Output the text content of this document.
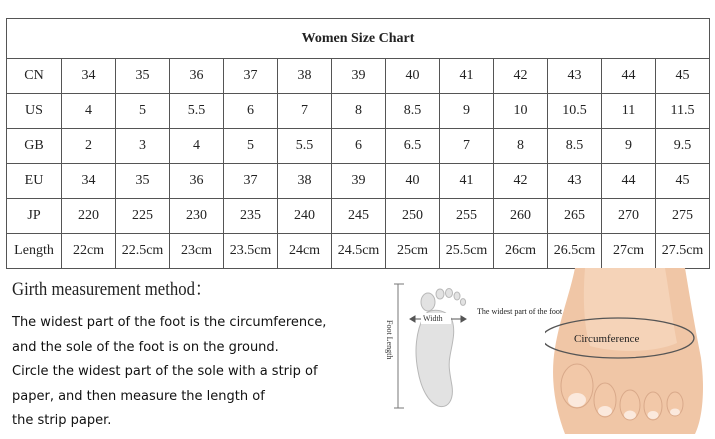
Women Size Chart												
CN	34	35	36	37	38	39	40	41	42	43	44	45
US	4	5	5.5	6	7	8	8.5	9	10	10.5	11	11.5
GB	2	3	4	5	5.5	6	6.5	7	8	8.5	9	9.5
EU	34	35	36	37	38	39	40	41	42	43	44	45
JP	220	225	230	235	240	245	250	255	260	265	270	275
Length	22cm	22.5cm	23cm	23.5cm	24cm	24.5cm	25cm	25.5cm	26cm	26.5cm	27cm	27.5cm
Girth measurement method：
The widest part of the foot is the circumference,
and the sole of the foot is on the ground.
Circle the widest part of the sole with a strip of
paper, and then measure the length of
the strip paper.
Foot Length
Width
The widest part of the foot
Circumference
